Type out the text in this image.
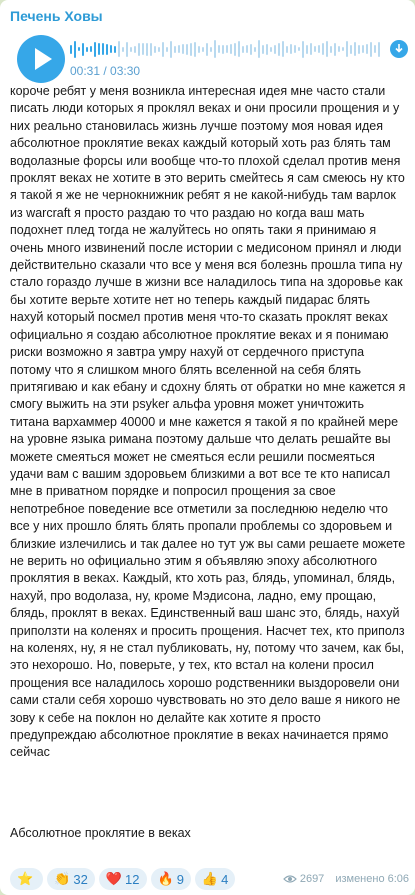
Печень Ховы
00:31 / 03:30
короче ребят у меня возникла интересная идея мне часто стали писать люди которых я проклял веках и они просили прощения и у них реально становилась жизнь лучше поэтому моя новая идея абсолютное проклятие веках каждый который хоть раз блять там водолазные форсы или вообще что-то плохой сделал против меня проклят веках не хотите в это верить смейтесь я сам смеюсь ну кто я такой я же не чернокнижник ребят я не какой-нибудь там варлок из warcraft я просто раздаю то что раздаю но когда ваш мать подохнет плед тогда не жалуйтесь но опять таки я принимаю я очень много извинений после истории с медисоном принял и люди действительно сказали что все у меня вся болезнь прошла типа ну стало гораздо лучше в жизни все наладилось типа на здоровье как бы хотите верьте хотите нет но теперь каждый пидарас блять нахуй который посмел против меня что-то сказать проклят веках официально я создаю абсолютное проклятие веках и я понимаю риски возможно я завтра умру нахуй от сердечного приступа потому что я слишком много блять вселенной на себя блять притягиваю и как ебану и сдохну блять от обратки но мне кажется я смогу выжить на эти psyker альфа уровня может уничтожить титана вархаммер 40000 и мне кажется я такой я по крайней мере на уровне языка римана поэтому дальше что делать решайте вы можете смеяться может не смеяться если решили посмеяться удачи вам с вашим здоровьем близкими а вот все те кто написал мне в приватном порядке и попросил прощения за свое непотребное поведение все отметили за последнюю неделю что все у них прошло блять блять пропали проблемы со здоровьем и близкие излечились и так далее но тут уж вы сами решаете можете не верить но официально этим я объявляю эпоху абсолютного проклятия в веках. Каждый, кто хоть раз, блядь, упоминал, блядь, нахуй, про водолаза, ну, кроме Мэдисона, ладно, ему прощаю, блядь, проклят в веках. Единственный ваш шанс это, блядь, нахуй приползти на коленях и просить прощения. Насчет тех, кто приполз на коленях, ну, я не стал публиковать, ну, потому что зачем, как бы, это нехорошо. Но, поверьте, у тех, кто встал на колени просил прощения все наладилось хорошо родственники выздоровели они сами стали себя хорошо чувствовать но это дело ваше я никого не зову к себе на поклон но делайте как хотите я просто предупреждаю абсолютное проклятие в веках начинается прямо сейчас
Абсолютное проклятие в веках
⭐ 👏 32 ❤️ 12 🔥 9 👍 4	2697 изменено 6:06
